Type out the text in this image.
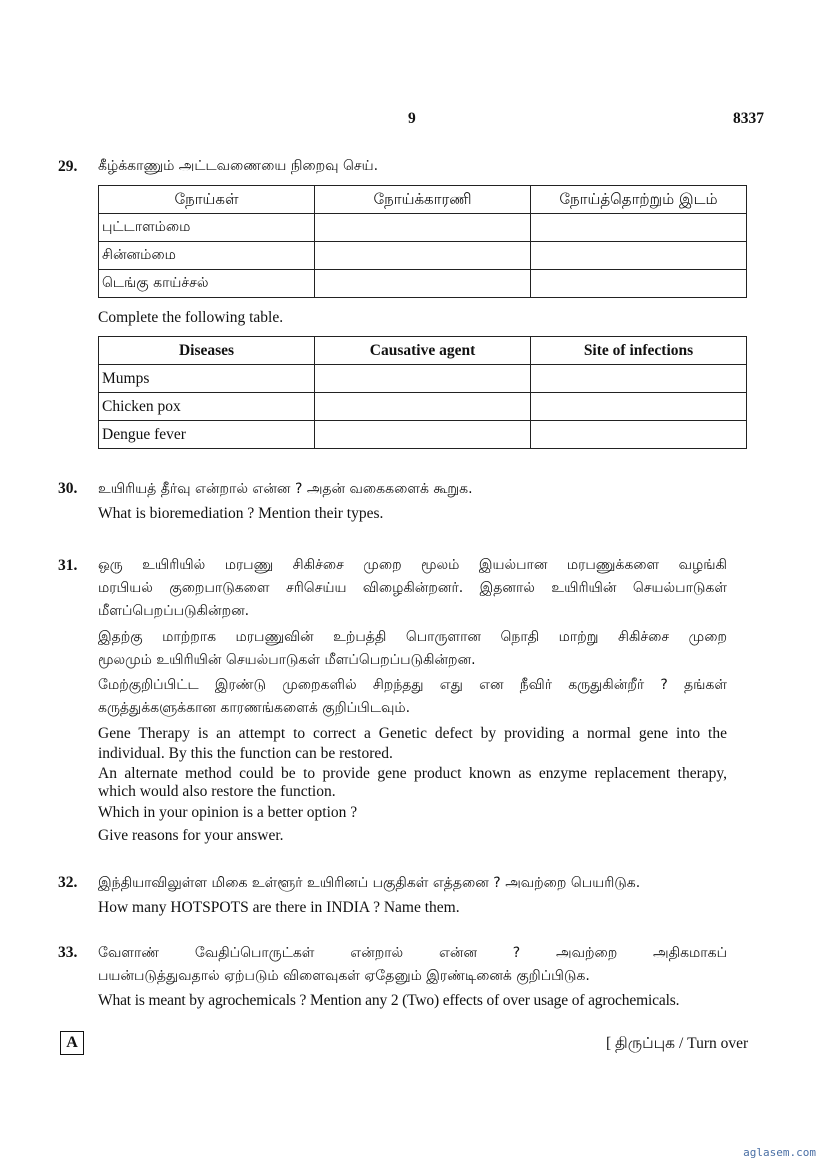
9	8337
29. கீழ்க்காணும் அட்டவணையை நிறைவு செய்.
நோய்கள்	நோய்க்காரணி	நோய்த்தொற்றும் இடம்
புட்டாளம்மை		
சின்னம்மை		
டெங்கு காய்ச்சல்		
Complete the following table.
Diseases	Causative agent	Site of infections
Mumps		
Chicken pox		
Dengue fever		
30. உயிரியத் தீர்வு என்றால் என்ன ? அதன் வகைகளைக் கூறுக.
What is bioremediation ? Mention their types.
31. ஒரு உயிரியில் மரபணு சிகிச்சை முறை மூலம் இயல்பான மரபணுக்களை வழங்கி
மரபியல் குறைபாடுகளை சரிசெய்ய விழைகின்றனர். இதனால் உயிரியின் செயல்பாடுகள்
மீளப்பெறப்படுகின்றன.
இதற்கு மாற்றாக மரபணுவின் உற்பத்தி பொருளான நொதி மாற்று சிகிச்சை முறை
மூலமும் உயிரியின் செயல்பாடுகள் மீளப்பெறப்படுகின்றன.
மேற்குறிப்பிட்ட இரண்டு முறைகளில் சிறந்தது எது என நீவிர் கருதுகின்றீர் ? தங்கள்
கருத்துக்களுக்கான காரணங்களைக் குறிப்பிடவும்.
Gene Therapy is an attempt to correct a Genetic defect by providing a normal gene into the
individual. By this the function can be restored.
An alternate method could be to provide gene product known as enzyme replacement therapy,
which would also restore the function.
Which in your opinion is a better option ?
Give reasons for your answer.
32. இந்தியாவிலுள்ள மிகை உள்ளூர் உயிரினப் பகுதிகள் எத்தனை ? அவற்றை பெயரிடுக.
How many HOTSPOTS are there in INDIA ? Name them.
33. வேளாண் வேதிப்பொருட்கள் என்றால் என்ன ? அவற்றை அதிகமாகப்
பயன்படுத்துவதால் ஏற்படும் விளைவுகள் ஏதேனும் இரண்டினைக் குறிப்பிடுக.
What is meant by agrochemicals ? Mention any 2 (Two) effects of over usage of agrochemicals.
A	[ திருப்புக / Turn over
aglasem.com
